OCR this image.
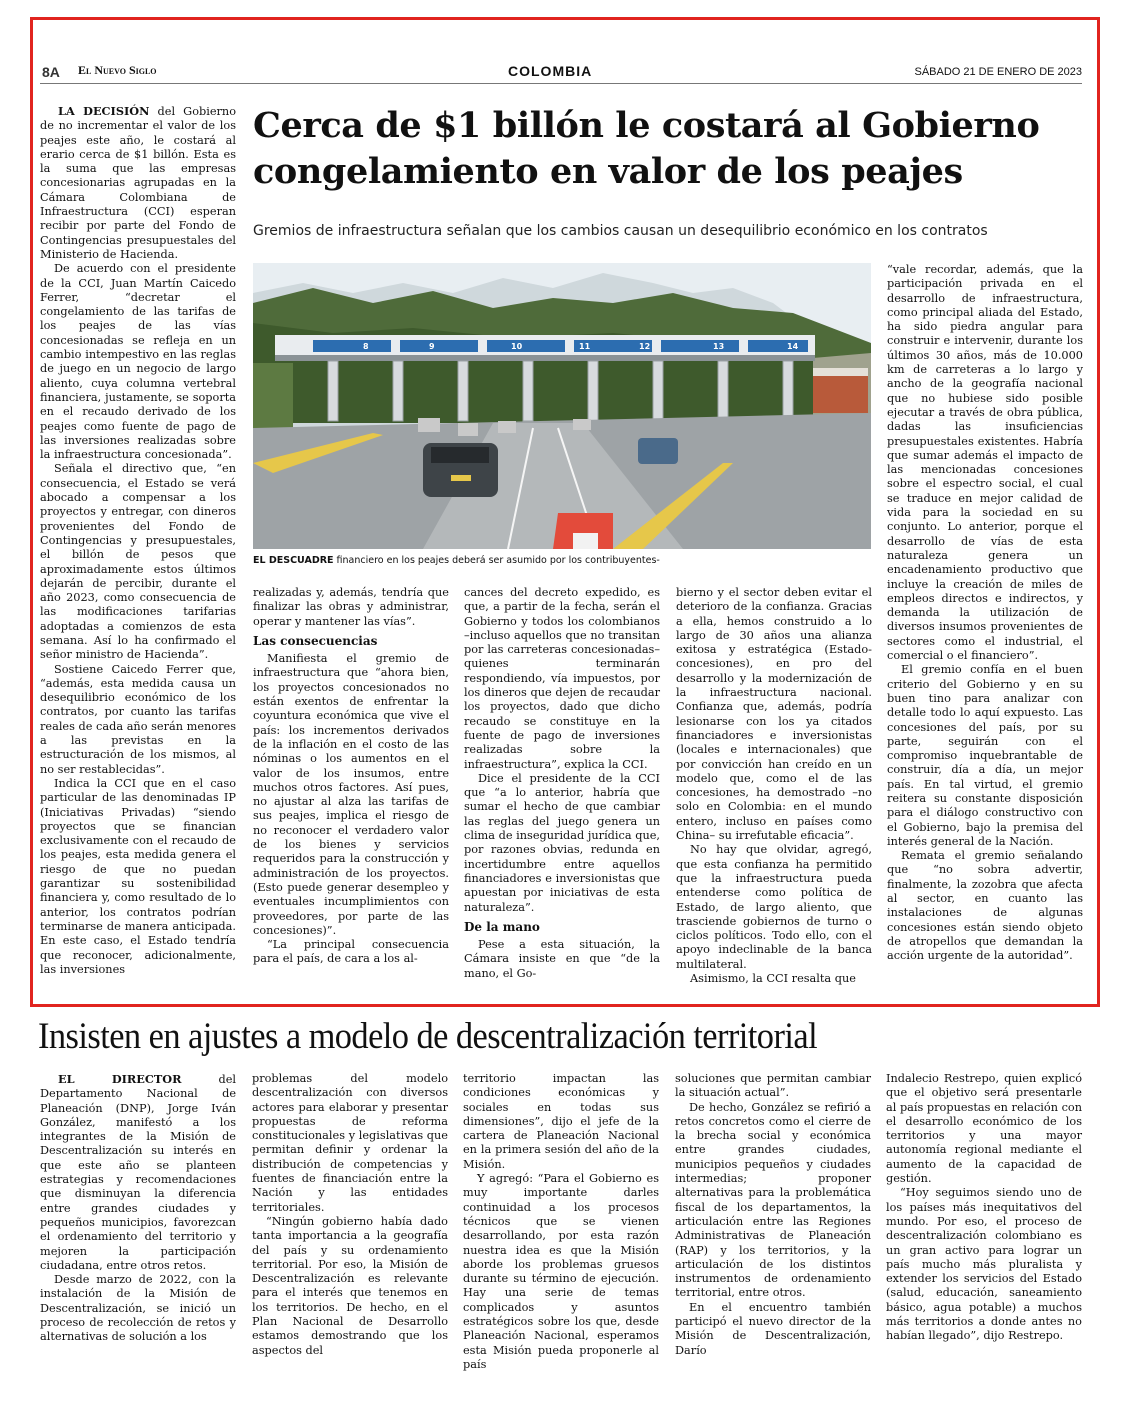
8A El Nuevo Siglo	COLOMBIA	SÁBADO 21 DE ENERO DE 2023
Cerca de $1 billón le costará al Gobierno congelamiento en valor de los peajes
Gremios de infraestructura señalan que los cambios causan un desequilibrio económico en los contratos
8	9	10	11	12	13	14
EL DESCUADRE financiero en los peajes deberá ser asumido por los contribuyentes-

LA DECISIÓN del Gobierno de no incrementar el valor de los peajes este año, le costará al erario cerca de $1 billón. Esta es la suma que las empresas concesionarias agrupadas en la Cámara Colombiana de Infraestructura (CCI) esperan recibir por parte del Fondo de Contingencias presupuestales del Ministerio de Hacienda.

De acuerdo con el presidente de la CCI, Juan Martín Caicedo Ferrer, “decretar el congelamiento de las tarifas de los peajes de las vías concesionadas se refleja en un cambio intempestivo en las reglas de juego en un negocio de largo aliento, cuya columna vertebral financiera, justamente, se soporta en el recaudo derivado de los peajes como fuente de pago de las inversiones realizadas sobre la infraestructura concesionada”.

Señala el directivo que, “en consecuencia, el Estado se verá abocado a compensar a los proyectos y entregar, con dineros provenientes del Fondo de Contingencias y presupuestales, el billón de pesos que aproximadamente estos últimos dejarán de percibir, durante el año 2023, como consecuencia de las modificaciones tarifarias adoptadas a comienzos de esta semana. Así lo ha confirmado el señor ministro de Hacienda”.

Sostiene Caicedo Ferrer que, “además, esta medida causa un desequilibrio económico de los contratos, por cuanto las tarifas reales de cada año serán menores a las previstas en la estructuración de los mismos, al no ser restablecidas”.

Indica la CCI que en el caso particular de las denominadas IP (Iniciativas Privadas) “siendo proyectos que se financian exclusivamente con el recaudo de los peajes, esta medida genera el riesgo de que no puedan garantizar su sostenibilidad financiera y, como resultado de lo anterior, los contratos podrían terminarse de manera anticipada. En este caso, el Estado tendría que reconocer, adicionalmente, las inversiones

realizadas y, además, tendría que finalizar las obras y administrar, operar y mantener las vías”.

Las consecuencias

Manifiesta el gremio de infraestructura que “ahora bien, los proyectos concesionados no están exentos de enfrentar la coyuntura económica que vive el país: los incrementos derivados de la inflación en el costo de las nóminas o los aumentos en el valor de los insumos, entre muchos otros factores. Así pues, no ajustar al alza las tarifas de sus peajes, implica el riesgo de no reconocer el verdadero valor de los bienes y servicios requeridos para la construcción y administración de los proyectos. (Esto puede generar desempleo y eventuales incumplimientos con proveedores, por parte de las concesiones)”.

“La principal consecuencia para el país, de cara a los al-

cances del decreto expedido, es que, a partir de la fecha, serán el Gobierno y todos los colombianos –incluso aquellos que no transitan por las carreteras concesionadas– quienes terminarán respondiendo, vía impuestos, por los dineros que dejen de recaudar los proyectos, dado que dicho recaudo se constituye en la fuente de pago de inversiones realizadas sobre la infraestructura”, explica la CCI.

Dice el presidente de la CCI que “a lo anterior, habría que sumar el hecho de que cambiar las reglas del juego genera un clima de inseguridad jurídica que, por razones obvias, redunda en incertidumbre entre aquellos financiadores e inversionistas que apuestan por iniciativas de esta naturaleza”.

De la mano

Pese a esta situación, la Cámara insiste en que “de la mano, el Go-

bierno y el sector deben evitar el deterioro de la confianza. Gracias a ella, hemos construido a lo largo de 30 años una alianza exitosa y estratégica (Estado-concesiones), en pro del desarrollo y la modernización de la infraestructura nacional. Confianza que, además, podría lesionarse con los ya citados financiadores e inversionistas (locales e internacionales) que por convicción han creído en un modelo que, como el de las concesiones, ha demostrado –no solo en Colombia: en el mundo entero, incluso en países como China– su irrefutable eficacia”.

No hay que olvidar, agregó, que esta confianza ha permitido que la infraestructura pueda entenderse como política de Estado, de largo aliento, que trasciende gobiernos de turno o ciclos políticos. Todo ello, con el apoyo indeclinable de la banca multilateral.

Asimismo, la CCI resalta que

“vale recordar, además, que la participación privada en el desarrollo de infraestructura, como principal aliada del Estado, ha sido piedra angular para construir e intervenir, durante los últimos 30 años, más de 10.000 km de carreteras a lo largo y ancho de la geografía nacional que no hubiese sido posible ejecutar a través de obra pública, dadas las insuficiencias presupuestales existentes. Habría que sumar además el impacto de las mencionadas concesiones sobre el espectro social, el cual se traduce en mejor calidad de vida para la sociedad en su conjunto. Lo anterior, porque el desarrollo de vías de esta naturaleza genera un encadenamiento productivo que incluye la creación de miles de empleos directos e indirectos, y demanda la utilización de diversos insumos provenientes de sectores como el industrial, el comercial o el financiero”.

El gremio confía en el buen criterio del Gobierno y en su buen tino para analizar con detalle todo lo aquí expuesto. Las concesiones del país, por su parte, seguirán con el compromiso inquebrantable de construir, día a día, un mejor país. En tal virtud, el gremio reitera su constante disposición para el diálogo constructivo con el Gobierno, bajo la premisa del interés general de la Nación.

Remata el gremio señalando que “no sobra advertir, finalmente, la zozobra que afecta al sector, en cuanto las instalaciones de algunas concesiones están siendo objeto de atropellos que demandan la acción urgente de la autoridad”.

Insisten en ajustes a modelo de descentralización territorial

EL DIRECTOR del Departamento Nacional de Planeación (DNP), Jorge Iván González, manifestó a los integrantes de la Misión de Descentralización su interés en que este año se planteen estrategias y recomendaciones que disminuyan la diferencia entre grandes ciudades y pequeños municipios, favorezcan el ordenamiento del territorio y mejoren la participación ciudadana, entre otros retos.

Desde marzo de 2022, con la instalación de la Misión de Descentralización, se inició un proceso de recolección de retos y alternativas de solución a los

problemas del modelo descentralización con diversos actores para elaborar y presentar propuestas de reforma constitucionales y legislativas que permitan definir y ordenar la distribución de competencias y fuentes de financiación entre la Nación y las entidades territoriales.

“Ningún gobierno había dado tanta importancia a la geografía del país y su ordenamiento territorial. Por eso, la Misión de Descentralización es relevante para el interés que tenemos en los territorios. De hecho, en el Plan Nacional de Desarrollo estamos demostrando que los aspectos del

territorio impactan las condiciones económicas y sociales en todas sus dimensiones”, dijo el jefe de la cartera de Planeación Nacional en la primera sesión del año de la Misión.

Y agregó: “Para el Gobierno es muy importante darles continuidad a los procesos técnicos que se vienen desarrollando, por esta razón nuestra idea es que la Misión aborde los problemas gruesos durante su término de ejecución. Hay una serie de temas complicados y asuntos estratégicos sobre los que, desde Planeación Nacional, esperamos esta Misión pueda proponerle al país

soluciones que permitan cambiar la situación actual”.

De hecho, González se refirió a retos concretos como el cierre de la brecha social y económica entre grandes ciudades, municipios pequeños y ciudades intermedias; proponer alternativas para la problemática fiscal de los departamentos, la articulación entre las Regiones Administrativas de Planeación (RAP) y los territorios, y la articulación de los distintos instrumentos de ordenamiento territorial, entre otros.

En el encuentro también participó el nuevo director de la Misión de Descentralización, Darío

Indalecio Restrepo, quien explicó que el objetivo será presentarle al país propuestas en relación con el desarrollo económico de los territorios y una mayor autonomía regional mediante el aumento de la capacidad de gestión.

“Hoy seguimos siendo uno de los países más inequitativos del mundo. Por eso, el proceso de descentralización colombiano es un gran activo para lograr un país mucho más pluralista y extender los servicios del Estado (salud, educación, saneamiento básico, agua potable) a muchos más territorios a donde antes no habían llegado”, dijo Restrepo.
